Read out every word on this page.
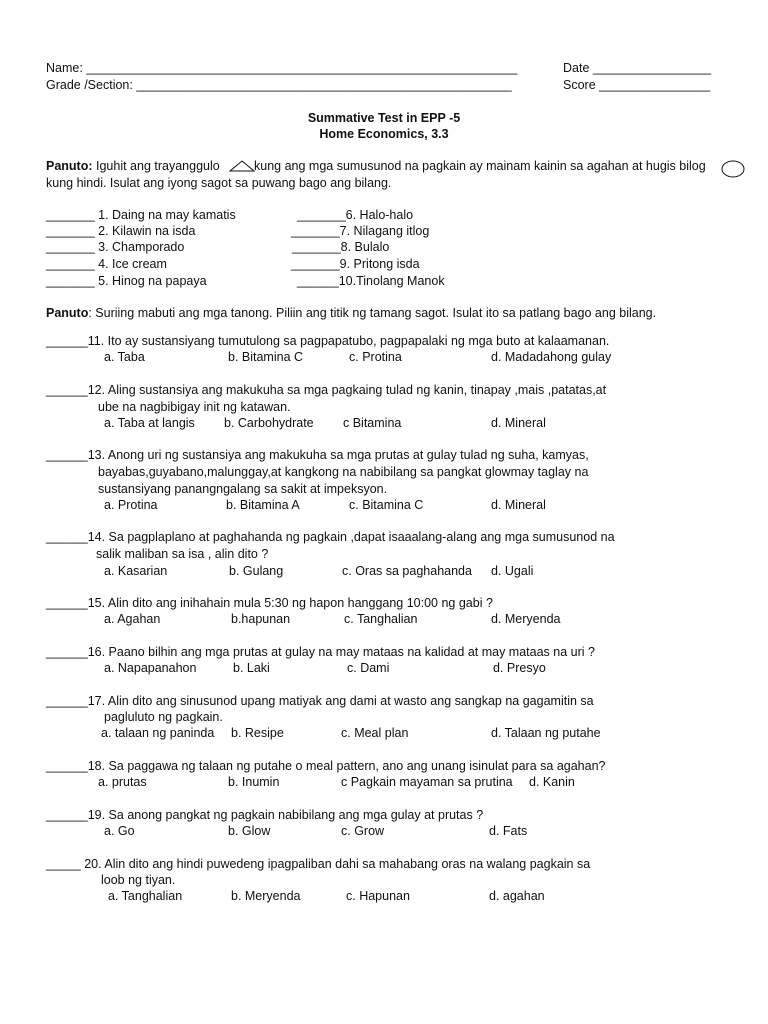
Name: ______________________________________________________________
Grade /Section: ______________________________________________________
Date _________________
Score ________________
Summative Test in EPP -5
Home Economics, 3.3
Panuto: Iguhit ang trayanggulo	kung ang mga sumusunod na pagkain ay mainam kainin sa agahan at hugis bilog
kung hindi. Isulat ang iyong sagot sa puwang bago ang bilang.
_______ 1. Daing na may kamatis
_______ 2. Kilawin na isda
_______ 3. Champorado
_______ 4. Ice cream
_______ 5. Hinog na papaya
_______6. Halo-halo
_______7. Nilagang itlog
_______8. Bulalo
_______9. Pritong isda
______10.Tinolang Manok
Panuto: Suriing mabuti ang mga tanong. Piliin ang titik ng tamang sagot. Isulat ito sa patlang bago ang bilang.
______11. Ito ay sustansiyang tumutulong sa pagpapatubo, pagpapalaki ng mga buto at kalaamanan.
a. Taba	b. Bitamina C	c. Protina	d. Madadahong gulay
______12. Aling sustansiya ang makukuha sa mga pagkaing tulad ng kanin, tinapay ,mais ,patatas,at
ube na nagbibigay init ng katawan.
a. Taba at langis b. Carbohydrate c Bitamina	d. Mineral
______13. Anong uri ng sustansiya ang makukuha sa mga prutas at gulay tulad ng suha, kamyas,
bayabas,guyabano,malunggay,at kangkong na nabibilang sa pangkat glowmay taglay na
sustansiyang panangngalang sa sakit at impeksyon.
a. Protina	b. Bitamina A	c. Bitamina C	d. Mineral
______14. Sa pagplaplano at paghahanda ng pagkain ,dapat isaaalang-alang ang mga sumusunod na
salik maliban sa isa , alin dito ?
a. Kasarian	b. Gulang	c. Oras sa paghahanda d. Ugali
______15. Alin dito ang inihahain mula 5:30 ng hapon hanggang 10:00 ng gabi ?
a. Agahan	b.hapunan	c. Tanghalian	d. Meryenda
______16. Paano bilhin ang mga prutas at gulay na may mataas na kalidad at may mataas na uri ?
a. Napapanahon	b. Laki	c. Dami	d. Presyo
______17. Alin dito ang sinusunod upang matiyak ang dami at wasto ang sangkap na gagamitin sa
pagluluto ng pagkain.
a. talaan ng paninda b. Resipe	c. Meal plan	d. Talaan ng putahe
______18. Sa paggawa ng talaan ng putahe o meal pattern, ano ang unang isinulat para sa agahan?
a. prutas	b. Inumin	c Pagkain mayaman sa prutina d. Kanin
______19. Sa anong pangkat ng pagkain nabibilang ang mga gulay at prutas ?
a. Go	b. Glow	c. Grow	d. Fats
_____ 20. Alin dito ang hindi puwedeng ipagpaliban dahi sa mahabang oras na walang pagkain sa
loob ng tiyan.
a. Tanghalian	b. Meryenda	c. Hapunan	d. agahan
